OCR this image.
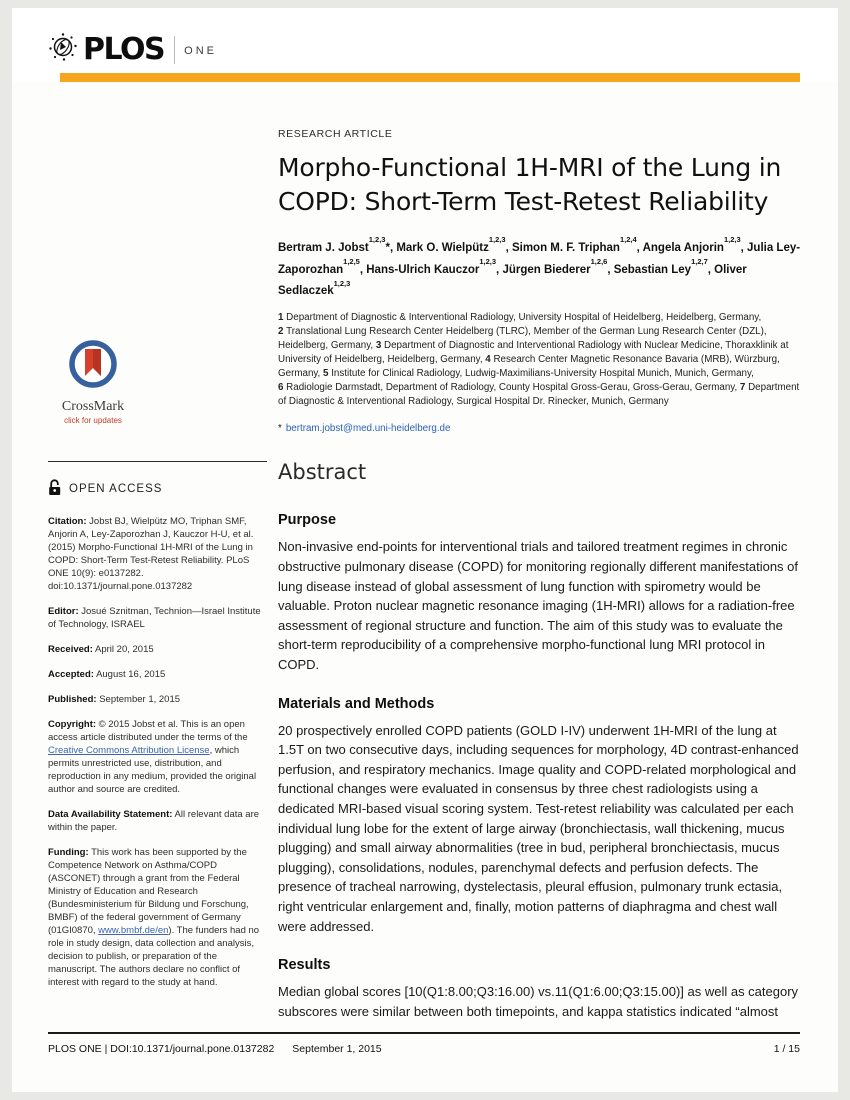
PLOS ONE
CrossMark
click for updates
OPEN ACCESS

Citation: Jobst BJ, Wielpütz MO, Triphan SMF, Anjorin A, Ley-Zaporozhan J, Kauczor H-U, et al. (2015) Morpho-Functional 1H-MRI of the Lung in COPD: Short-Term Test-Retest Reliability. PLoS ONE 10(9): e0137282. doi:10.1371/journal.pone.0137282

Editor: Josué Sznitman, Technion—Israel Institute of Technology, ISRAEL

Received: April 20, 2015

Accepted: August 16, 2015

Published: September 1, 2015

Copyright: © 2015 Jobst et al. This is an open access article distributed under the terms of the Creative Commons Attribution License, which permits unrestricted use, distribution, and reproduction in any medium, provided the original author and source are credited.

Data Availability Statement: All relevant data are within the paper.

Funding: This work has been supported by the Competence Network on Asthma/COPD (ASCONET) through a grant from the Federal Ministry of Education and Research (Bundesministerium für Bildung und Forschung, BMBF) of the federal government of Germany (01GI0870, www.bmbf.de/en). The funders had no role in study design, data collection and analysis, decision to publish, or preparation of the manuscript. The authors declare no conflict of interest with regard to the study at hand.

RESEARCH ARTICLE

Morpho-Functional 1H-MRI of the Lung in
COPD: Short-Term Test-Retest Reliability
Bertram J. Jobst$^{1,2,3}$*, Mark O. Wielpütz$^{1,2,3}$, Simon M. F. Triphan$^{1,2,4}$, Angela Anjorin$^{1,2,3}$, Julia Ley-Zaporozhan$^{1,2,5}$, Hans-Ulrich Kauczor$^{1,2,3}$, Jürgen Biederer$^{1,2,6}$, Sebastian Ley$^{1,2,7}$, Oliver Sedlaczek$^{1,2,3}$

1 Department of Diagnostic & Interventional Radiology, University Hospital of Heidelberg, Heidelberg, Germany, 2 Translational Lung Research Center Heidelberg (TLRC), Member of the German Lung Research Center (DZL), Heidelberg, Germany, 3 Department of Diagnostic and Interventional Radiology with Nuclear Medicine, Thoraxklinik at University of Heidelberg, Heidelberg, Germany, 4 Research Center Magnetic Resonance Bavaria (MRB), Würzburg, Germany, 5 Institute for Clinical Radiology, Ludwig-Maximilians-University Hospital Munich, Munich, Germany, 6 Radiologie Darmstadt, Department of Radiology, County Hospital Gross-Gerau, Gross-Gerau, Germany, 7 Department of Diagnostic & Interventional Radiology, Surgical Hospital Dr. Rinecker, Munich, Germany

* bertram.jobst@med.uni-heidelberg.de

Abstract
Purpose

Non-invasive end-points for interventional trials and tailored treatment regimes in chronic obstructive pulmonary disease (COPD) for monitoring regionally different manifestations of lung disease instead of global assessment of lung function with spirometry would be valuable. Proton nuclear magnetic resonance imaging (1H-MRI) allows for a radiation-free assessment of regional structure and function. The aim of this study was to evaluate the short-term reproducibility of a comprehensive morpho-functional lung MRI protocol in COPD.

Materials and Methods

20 prospectively enrolled COPD patients (GOLD I-IV) underwent 1H-MRI of the lung at 1.5T on two consecutive days, including sequences for morphology, 4D contrast-enhanced perfusion, and respiratory mechanics. Image quality and COPD-related morphological and functional changes were evaluated in consensus by three chest radiologists using a dedicated MRI-based visual scoring system. Test-retest reliability was calculated per each individual lung lobe for the extent of large airway (bronchiectasis, wall thickening, mucus plugging) and small airway abnormalities (tree in bud, peripheral bronchiectasis, mucus plugging), consolidations, nodules, parenchymal defects and perfusion defects. The presence of tracheal narrowing, dystelectasis, pleural effusion, pulmonary trunk ectasia, right ventricular enlargement and, finally, motion patterns of diaphragma and chest wall were addressed.

Results

Median global scores [10(Q1:8.00;Q3:16.00) vs.11(Q1:6.00;Q3:15.00)] as well as category subscores were similar between both timepoints, and kappa statistics indicated “almost

PLOS ONE | DOI:10.1371/journal.pone.0137282 September 1, 2015	1 / 15
